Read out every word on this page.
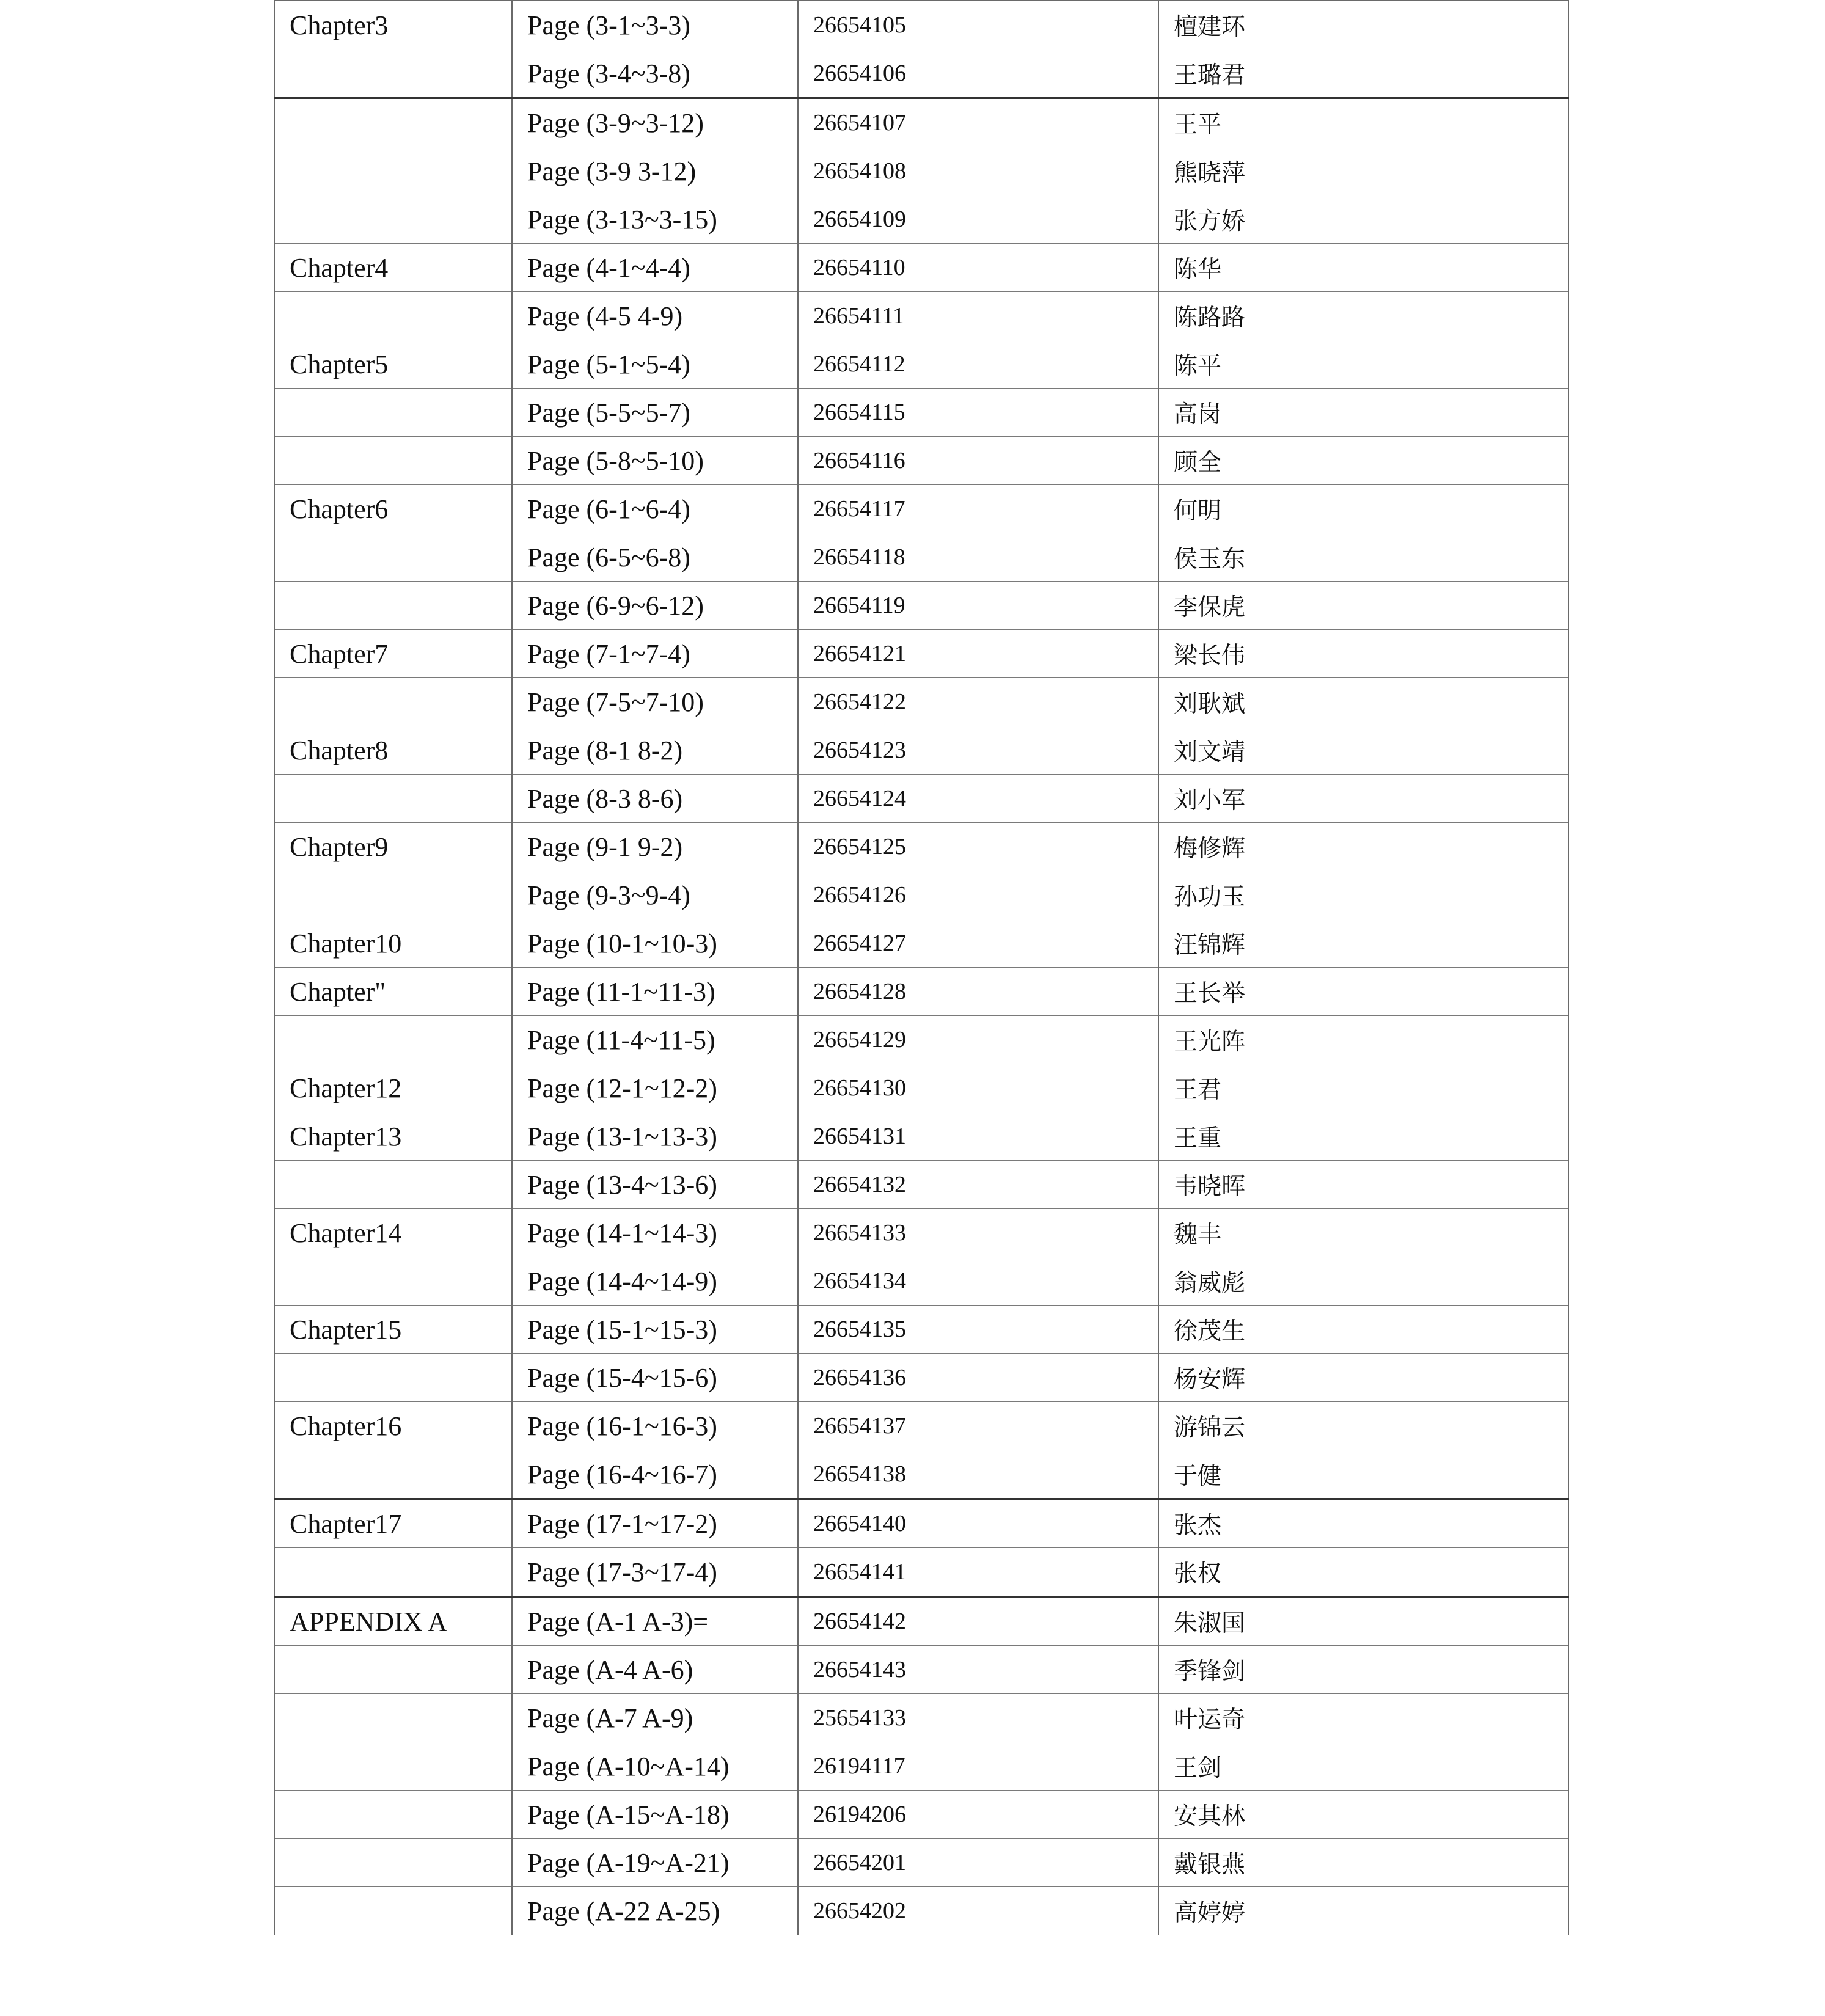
Chapter3	Page (3-1~3-3)	26654105	檀建环
	Page (3-4~3-8)	26654106	王璐君
	Page (3-9~3-12)	26654107	王平
	Page (3-9 3-12)	26654108	熊晓萍
	Page (3-13~3-15)	26654109	张方娇
Chapter4	Page (4-1~4-4)	26654110	陈华
	Page (4-5 4-9)	26654111	陈路路
Chapter5	Page (5-1~5-4)	26654112	陈平
	Page (5-5~5-7)	26654115	高岗
	Page (5-8~5-10)	26654116	顾全
Chapter6	Page (6-1~6-4)	26654117	何明
	Page (6-5~6-8)	26654118	侯玉东
	Page (6-9~6-12)	26654119	李保虎
Chapter7	Page (7-1~7-4)	26654121	梁长伟
	Page (7-5~7-10)	26654122	刘耿斌
Chapter8	Page (8-1 8-2)	26654123	刘文靖
	Page (8-3 8-6)	26654124	刘小军
Chapter9	Page (9-1 9-2)	26654125	梅修辉
	Page (9-3~9-4)	26654126	孙功玉
Chapter10	Page (10-1~10-3)	26654127	汪锦辉
Chapter"	Page (11-1~11-3)	26654128	王长举
	Page (11-4~11-5)	26654129	王光阵
Chapter12	Page (12-1~12-2)	26654130	王君
Chapter13	Page (13-1~13-3)	26654131	王重
	Page (13-4~13-6)	26654132	韦晓晖
Chapter14	Page (14-1~14-3)	26654133	魏丰
	Page (14-4~14-9)	26654134	翁威彪
Chapter15	Page (15-1~15-3)	26654135	徐茂生
	Page (15-4~15-6)	26654136	杨安辉
Chapter16	Page (16-1~16-3)	26654137	游锦云
	Page (16-4~16-7)	26654138	于健
Chapter17	Page (17-1~17-2)	26654140	张杰
	Page (17-3~17-4)	26654141	张权
APPENDIX A	Page (A-1 A-3)=	26654142	朱淑国
	Page (A-4 A-6)	26654143	季锋剑
	Page (A-7 A-9)	25654133	叶运奇
	Page (A-10~A-14)	26194117	王剑
	Page (A-15~A-18)	26194206	安其林
	Page (A-19~A-21)	26654201	戴银燕
	Page (A-22 A-25)	26654202	高婷婷
